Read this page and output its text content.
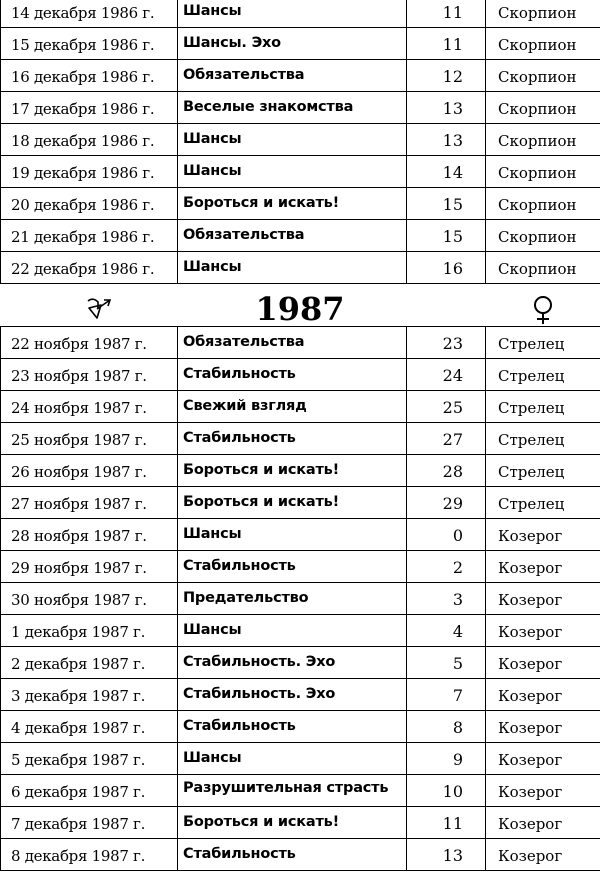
14 декабря 1986 г.	Шансы	11	Скорпион
15 декабря 1986 г.	Шансы. Эхо	11	Скорпион
16 декабря 1986 г.	Обязательства	12	Скорпион
17 декабря 1986 г.	Веселые знакомства	13	Скорпион
18 декабря 1986 г.	Шансы	13	Скорпион
19 декабря 1986 г.	Шансы	14	Скорпион
20 декабря 1986 г.	Бороться и искать!	15	Скорпион
21 декабря 1986 г.	Обязательства	15	Скорпион
22 декабря 1986 г.	Шансы	16	Скорпион
1987
22 ноября 1987 г.	Обязательства	23	Стрелец
23 ноября 1987 г.	Стабильность	24	Стрелец
24 ноября 1987 г.	Свежий взгляд	25	Стрелец
25 ноября 1987 г.	Стабильность	27	Стрелец
26 ноября 1987 г.	Бороться и искать!	28	Стрелец
27 ноября 1987 г.	Бороться и искать!	29	Стрелец
28 ноября 1987 г.	Шансы	0	Козерог
29 ноября 1987 г.	Стабильность	2	Козерог
30 ноября 1987 г.	Предательство	3	Козерог
1 декабря 1987 г.	Шансы	4	Козерог
2 декабря 1987 г.	Стабильность. Эхо	5	Козерог
3 декабря 1987 г.	Стабильность. Эхо	7	Козерог
4 декабря 1987 г.	Стабильность	8	Козерог
5 декабря 1987 г.	Шансы	9	Козерог
6 декабря 1987 г.	Разрушительная страсть	10	Козерог
7 декабря 1987 г.	Бороться и искать!	11	Козерог
8 декабря 1987 г.	Стабильность	13	Козерог
